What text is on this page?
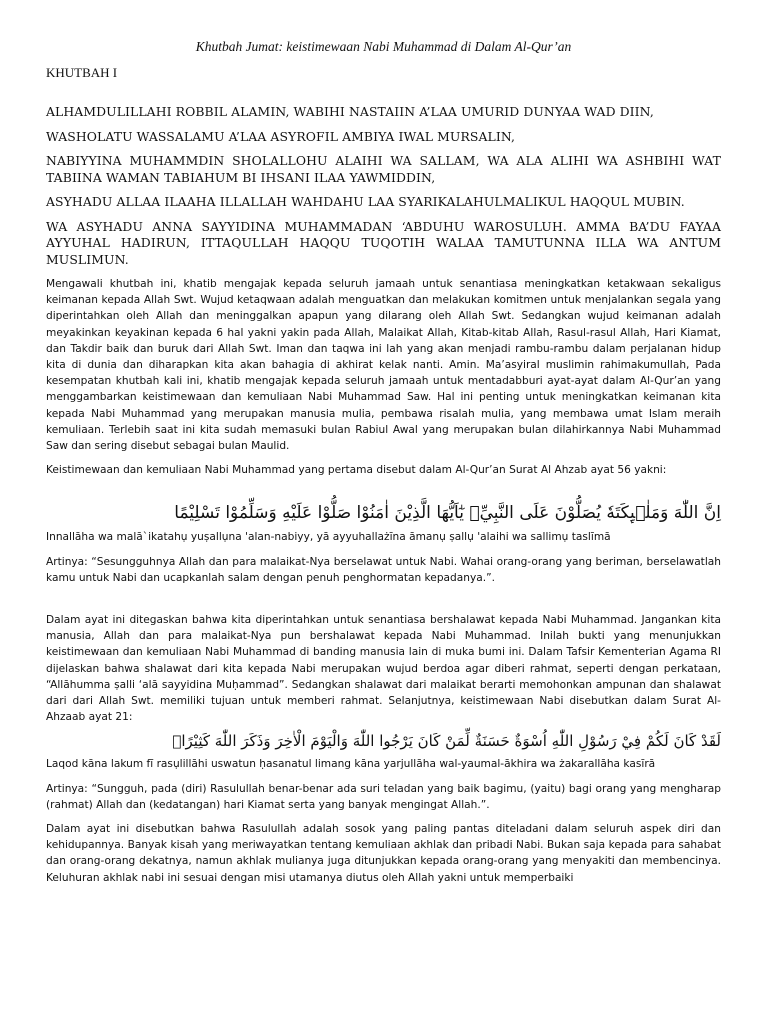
Khutbah Jumat: keistimewaan Nabi Muhammad di Dalam Al-Qur’an

KHUTBAH I

ALHAMDULILLAHI ROBBIL ALAMIN, WABIHI NASTAIIN A’LAA UMURID DUNYAA WAD DIIN,

WASHOLATU WASSALAMU A’LAA ASYROFIL AMBIYA IWAL MURSALIN,

NABIYYINA MUHAMMDIN SHOLALLOHU ALAIHI WA SALLAM, WA ALA ALIHI WA ASHBIHI WAT TABIINA WAMAN TABIAHUM BI IHSANI ILAA YAWMIDDIN,

ASYHADU ALLAA ILAAHA ILLALLAH WAHDAHU LAA SYARIKALAHULMALIKUL HAQQUL MUBIN.

WA ASYHADU ANNA SAYYIDINA MUHAMMADAN ‘ABDUHU WAROSULUH. AMMA BA’DU FAYAA AYYUHAL HADIRUN, ITTAQULLAH HAQQU TUQOTIH WALAA TAMUTUNNA ILLA WA ANTUM MUSLIMUN.

Mengawali khutbah ini, khatib mengajak kepada seluruh jamaah untuk senantiasa meningkatkan ketakwaan sekaligus keimanan kepada Allah Swt. Wujud ketaqwaan adalah menguatkan dan melakukan komitmen untuk menjalankan segala yang diperintahkan oleh Allah dan meninggalkan apapun yang dilarang oleh Allah Swt. Sedangkan wujud keimanan adalah meyakinkan keyakinan kepada 6 hal yakni yakin pada Allah, Malaikat Allah, Kitab-kitab Allah, Rasul-rasul Allah, Hari Kiamat, dan Takdir baik dan buruk dari Allah Swt. Iman dan taqwa ini lah yang akan menjadi rambu-rambu dalam perjalanan hidup kita di dunia dan diharapkan kita akan bahagia di akhirat kelak nanti. Amin. Ma’asyiral muslimin rahimakumullah, Pada kesempatan khutbah kali ini, khatib mengajak kepada seluruh jamaah untuk mentadabburi ayat-ayat dalam Al-Qur’an yang menggambarkan keistimewaan dan kemuliaan Nabi Muhammad Saw. Hal ini penting untuk meningkatkan keimanan kita kepada Nabi Muhammad yang merupakan manusia mulia, pembawa risalah mulia, yang membawa umat Islam meraih kemuliaan. Terlebih saat ini kita sudah memasuki bulan Rabiul Awal yang merupakan bulan dilahirkannya Nabi Muhammad Saw dan sering disebut sebagai bulan Maulid.

Keistimewaan dan kemuliaan Nabi Muhammad yang pertama disebut dalam Al-Qur’an Surat Al Ahzab ayat 56 yakni:

اِنَّ اللّٰهَ وَمَلٰۤىِٕكَتَهٗ يُصَلُّوْنَ عَلَى النَّبِيِّۗ يٰٓاَيُّهَا الَّذِيْنَ اٰمَنُوْا صَلُّوْا عَلَيْهِ وَسَلِّمُوْا تَسْلِيْمًا

Innallāha wa malā`ikatahụ yuṣallụna 'alan-nabiyy, yā ayyuhallażīna āmanụ ṣallụ 'alaihi wa sallimụ taslīmā

Artinya: “Sesungguhnya Allah dan para malaikat-Nya berselawat untuk Nabi. Wahai orang-orang yang beriman, berselawatlah kamu untuk Nabi dan ucapkanlah salam dengan penuh penghormatan kepadanya.”.

Dalam ayat ini ditegaskan bahwa kita diperintahkan untuk senantiasa bershalawat kepada Nabi Muhammad. Jangankan kita manusia, Allah dan para malaikat-Nya pun bershalawat kepada Nabi Muhammad. Inilah bukti yang menunjukkan keistimewaan dan kemuliaan Nabi Muhammad di banding manusia lain di muka bumi ini. Dalam Tafsir Kementerian Agama RI dijelaskan bahwa shalawat dari kita kepada Nabi merupakan wujud berdoa agar diberi rahmat, seperti dengan perkataan, “Allāhumma ṣalli ‘alā sayyidina Muḥammad”. Sedangkan shalawat dari malaikat berarti memohonkan ampunan dan shalawat dari dari Allah Swt. memiliki tujuan untuk memberi rahmat. Selanjutnya, keistimewaan Nabi disebutkan dalam Surat Al-Ahzaab ayat 21:

لَقَدْ كَانَ لَكُمْ فِيْ رَسُوْلِ اللّٰهِ اُسْوَةٌ حَسَنَةٌ لِّمَنْ كَانَ يَرْجُوا اللّٰهَ وَالْيَوْمَ الْاٰخِرَ وَذَكَرَ اللّٰهَ كَثِيْرًاۗ

Laqod kāna lakum fī rasụlillāhi uswatun ḥasanatul limang kāna yarjullāha wal-yaumal-ākhira wa żakarallāha kasīrā

Artinya: “Sungguh, pada (diri) Rasulullah benar-benar ada suri teladan yang baik bagimu, (yaitu) bagi orang yang mengharap (rahmat) Allah dan (kedatangan) hari Kiamat serta yang banyak mengingat Allah.”.

Dalam ayat ini disebutkan bahwa Rasulullah adalah sosok yang paling pantas diteladani dalam seluruh aspek diri dan kehidupannya. Banyak kisah yang meriwayatkan tentang kemuliaan akhlak dan pribadi Nabi. Bukan saja kepada para sahabat dan orang-orang dekatnya, namun akhlak mulianya juga ditunjukkan kepada orang-orang yang menyakiti dan membencinya. Keluhuran akhlak nabi ini sesuai dengan misi utamanya diutus oleh Allah yakni untuk memperbaiki
